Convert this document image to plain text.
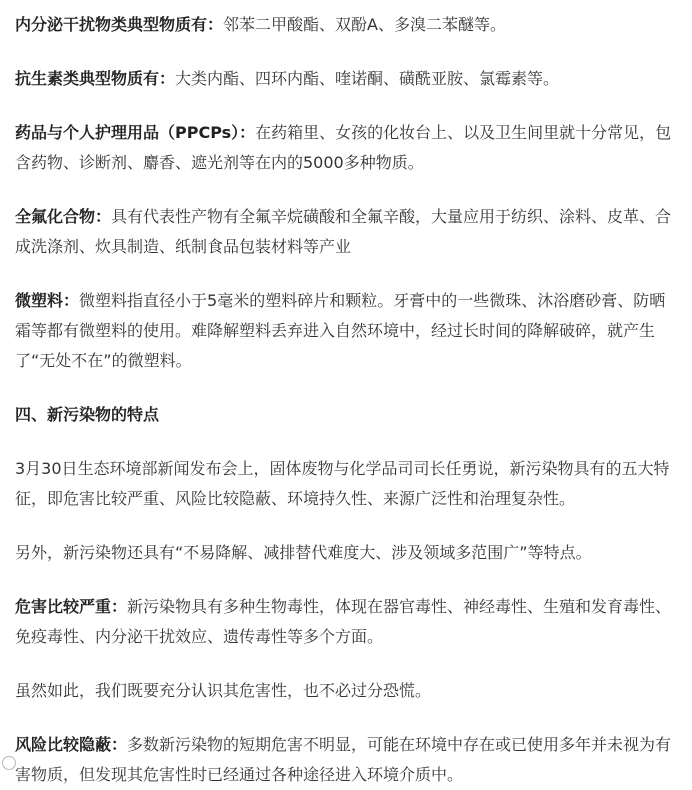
内分泌干扰物类典型物质有：邻苯二甲酸酯、双酚A、多溴二苯醚等。

抗生素类典型物质有：大类内酯、四环内酯、喹诺酮、磺酰亚胺、氯霉素等。

药品与个人护理用品（PPCPs）：在药箱里、女孩的化妆台上、以及卫生间里就十分常见，包含药物、诊断剂、麝香、遮光剂等在内的5000多种物质。

全氟化合物：具有代表性产物有全氟辛烷磺酸和全氟辛酸，大量应用于纺织、涂料、皮革、合成洗涤剂、炊具制造、纸制食品包装材料等产业

微塑料：微塑料指直径小于5毫米的塑料碎片和颗粒。牙膏中的一些微珠、沐浴磨砂膏、防晒霜等都有微塑料的使用。难降解塑料丢弃进入自然环境中，经过长时间的降解破碎，就产生了“无处不在”的微塑料。

四、新污染物的特点

3月30日生态环境部新闻发布会上，固体废物与化学品司司长任勇说，新污染物具有的五大特征，即危害比较严重、风险比较隐蔽、环境持久性、来源广泛性和治理复杂性。

另外，新污染物还具有“不易降解、减排替代难度大、涉及领域多范围广”等特点。

危害比较严重：新污染物具有多种生物毒性，体现在器官毒性、神经毒性、生殖和发育毒性、免疫毒性、内分泌干扰效应、遗传毒性等多个方面。

虽然如此，我们既要充分认识其危害性，也不必过分恐慌。

风险比较隐蔽：多数新污染物的短期危害不明显，可能在环境中存在或已使用多年并未视为有害物质，但发现其危害性时已经通过各种途径进入环境介质中。
